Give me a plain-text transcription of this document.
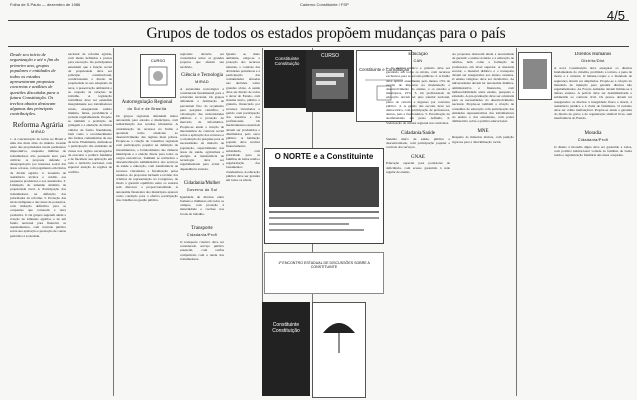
Folha de S.Paulo — dezembro de 1986	Caderno Constituinte / FSP
4/5
Grupos de todos os estados propõem mudanças para o país

Desde seu início de organização e até o fim do primeiro ano, grupos populares e entidades de todos os estados apresentaram propostas concretas e análises de questões discutidas para a futura Constituição. Os trechos abaixo destacam algumas das principais contribuições.

Reforma Agrária

MIRAD

1. A concentração de terras no Brasil é uma das mais altas do mundo. Grande parte das propriedades rurais permanece improdutiva, enquanto milhões de trabalhadores não possuem terra para cultivar. A proposta defende a desapropriação por interesse social das áreas ociosas, com pagamento em títulos da dívida agrária. 2. Garantia de assistência técnica e crédito aos pequenos produtores e aos assentados. 3. Limitação do tamanho máximo da propriedade rural. 4. Participação dos trabalhadores na definição das prioridades da reforma. 5. Proteção das terras indígenas e das áreas de posseiros, com titulação definitiva para os ocupantes que tornaram a terra produtiva. 6. Os grupos sugerem ainda a criação de tribunais agrários e de um fundo nacional para financiar os assentamentos, com controle público sobre sua aplicação e prestação de contas periódica à sociedade.

nacional de reforma agrária, com metas definidas e prazos para execução. Os participantes entendem que a função social da propriedade deve ser princípio constitucional, condicionando o direito de propriedade ao uso adequado da terra, à preservação ambiental e ao respeito às relações de trabalho. A legislação trabalhista deve ser estendida integralmente aos trabalhadores rurais, assegurando salário mínimo, férias, previdência e jornada regulamentada. Propõe-se também a proibição da grilagem e a anulação de títulos obtidos de forma fraudulenta, bem como o reconhecimento das formas comunitárias de uso da terra. Finalmente, defende-se a participação das entidades de classe nos órgãos encarregados de executar a política fundiária e de fiscalizar sua aplicação em todo o território nacional, com especial atenção às regiões de conflito.

Autorregulação Regional

do Sul e de Brasília

Os grupos regionais defendem maior autonomia para estados e municípios, com redistribuição das receitas tributárias. A centralização de recursos na União é apontada como obstáculo ao desenvolvimento das regiões mais pobres. Propõe-se a criação de conselhos regionais com participação popular na definição de investimentos, o fortalecimento das câmaras municipais e a eleição direta para todos os cargos executivos. Também se reivindica a descentralização administrativa dos serviços de saúde e educação, com transferência de recursos vinculados e fiscalização pelos usuários. As propostas incluem a revisão dos critérios de representação no Congresso, de modo a garantir equilíbrio entre os estados sem distorcer a proporcionalidade. A autonomia financeira dos municípios aparece como condição para a efetiva participação dos cidadãos na gestão pública.

CURSO

regionais deverão ser consultados sobre os grandes projetos que afetem seu território.

Ciência e Tecnologia

MIRAD

A autonomia tecnológica é considerada fundamental para a soberania nacional. Os grupos defendem a destinação de percentual fixo do orçamento para pesquisa científica, a valorização das universidades públicas e a proteção do mercado de informática. Propõe-se ainda a criação de mecanismos de controle social sobre a aplicação dos recursos e a orientação da pesquisa para as necessidades da maioria da população, especialmente nas áreas de saúde, agricultura e energia. A transferência de tecnologia deve ser regulamentada para evitar a dependência externa.

Cidadania/Mulher

Governo do Sul

Igualdade de direitos entre homens e mulheres em todos os campos, com proteção à maternidade e creches nos locais de trabalho.

Transporte

Cidadania/Profi

O transporte coletivo deve ser considerado serviço público essencial, com tarifas compatíveis com a renda dos trabalhadores.

Quanto ao meio ambiente, exige-se a proteção dos recursos naturais, o controle das atividades poluidoras e a participação das comunidades afetadas nas decisões sobre grandes obras. A saúde deve ser direito de todos e dever do Estado, com sistema único, público e gratuito, financiado por recursos vinculados e gerido com participação dos usuários e dos profissionais. Os medicamentos essenciais devem ser produzidos e distribuídos pelo setor público. A habitação popular deve receber financiamento subsidiado, com prioridade para as famílias de baixa renda e regularização dos loteamentos clandestinos. A educação pública deve ser gratuita em todos os níveis.

Constituinte Constituição
CURSO
Constituinte e Constituição
O NORTE e a Constituinte
1º ENCONTRO ESTADUAL DE DISCUSSÕES SOBRE A CONSTITUINTE
Constituinte Constituição

Educação

CAN

1. O ensino público e gratuito deve ser garantido em todos os níveis, com recursos exclusivos para as escolas públicas. 2. A União deve aplicar anualmente pelo menos 13% da receita de impostos na manutenção e desenvolvimento do ensino, e os estados e municípios, 25%. 3. Os profissionais da educação devem ter piso salarial nacional, plano de carreira e ingresso por concurso público. 4. A gestão das escolas deve ser democrática, com participação de professores, alunos, pais e funcionários. 5. Erradicação do analfabetismo em prazo definido. 6. Valorização da cultura regional nos currículos.

Cidadania/Saúde

Sistema único de saúde, público e descentralizado, com participação popular e controle dos serviços.

GNAE

Educação especial para portadores de deficiência, com acesso garantido à rede regular de ensino.

As propostas destacam ainda a necessidade de garantir o ensino noturno e a educação de adultos, bem como a formação de professores em nível superior. A merenda escolar, o material didático e o transporte devem ser assegurados aos alunos carentes. O ensino religioso deve ser facultativo. As universidades devem ter autonomia didática, administrativa e financeira, com indissociabilidade entre ensino, pesquisa e extensão. A pós-graduação deve ser orientada para as necessidades do desenvolvimento nacional. Propõe-se também a criação de conselhos de educação com participação das entidades representativas dos trabalhadores do ensino e dos estudantes, com poder deliberativo sobre a política educacional.

MNE

Respeito às minorias étnicas, com punição rigorosa para a discriminação racial.

Direitos Humanos

Distrito/Dist

A nova Constituição deve assegurar os direitos fundamentais do cidadão, proibindo a tortura, a pena de morte e a censura. O habeas-corpus e o mandado de segurança devem ser ampliados. Propõe-se a criação do mandado de injunção para garantir direitos não regulamentados. As Forças Armadas devem limitar-se à defesa externa. A polícia deve ser desmilitarizada e submetida ao controle civil. Os presos devem ter assegurados os direitos à integridade física e moral, à assistência jurídica e à visita de familiares. O racismo deve ser crime inafiançável. Propõe-se ainda a garantia do direito de greve e de organização sindical livre, sem interferência do Estado.

Moradia

Cidadania/Profi

O direito à moradia digna deve ser garantido a todos, com política habitacional voltada às famílias de baixa renda e regularização fundiária das áreas ocupadas.
